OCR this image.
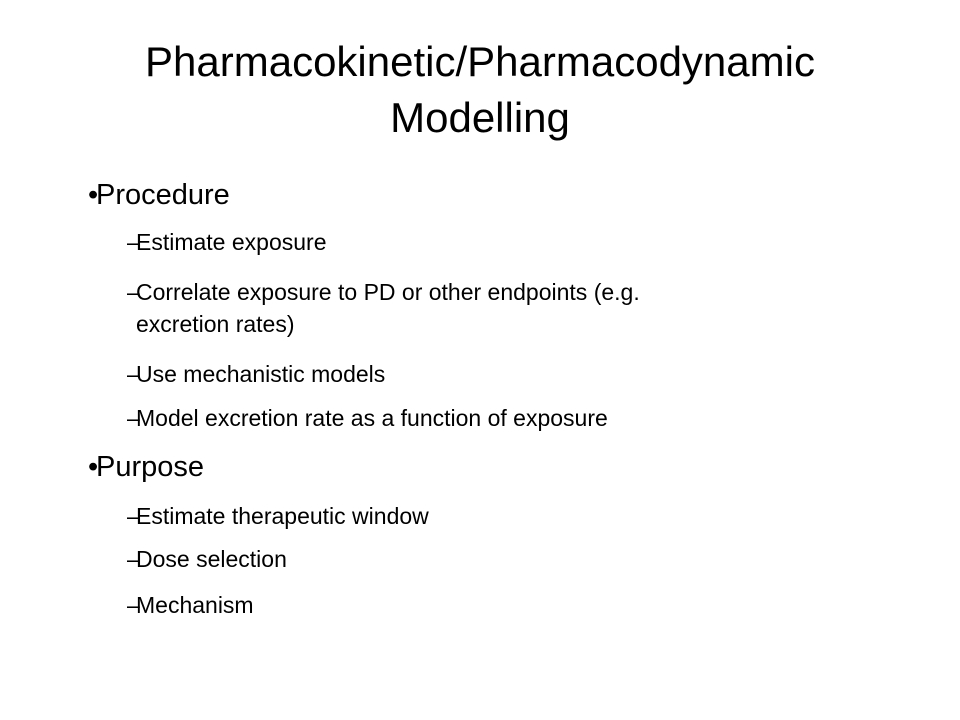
Pharmacokinetic/Pharmacodynamic
Modelling
•
Procedure
–
Estimate exposure
–
Correlate exposure to PD or other endpoints (e.g.
excretion rates)
–
Use mechanistic models
–
Model excretion rate as a function of exposure
•
Purpose
–
Estimate therapeutic window
–
Dose selection
–
Mechanism
